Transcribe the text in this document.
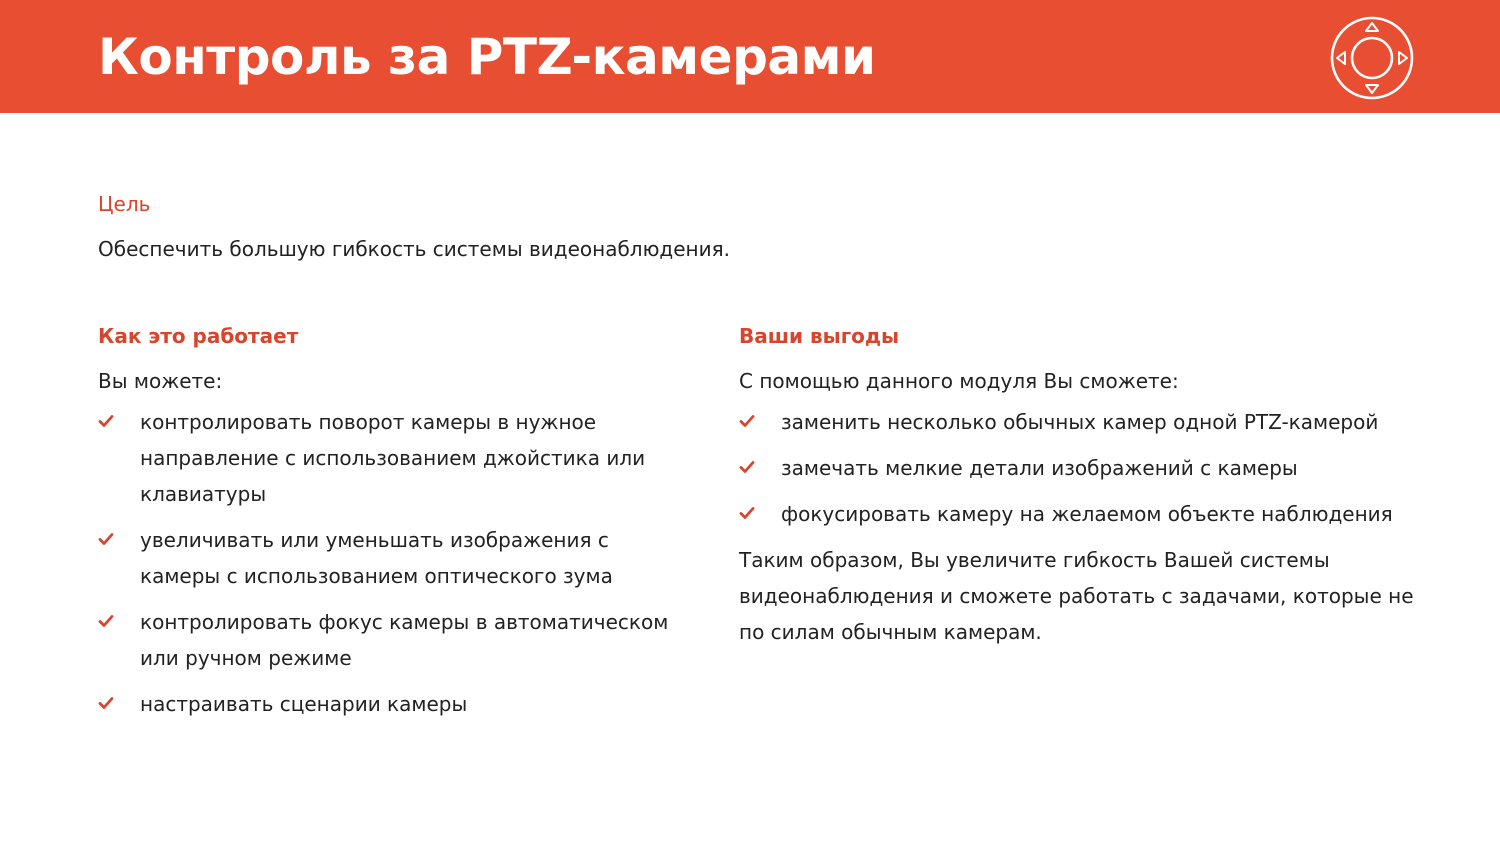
Контроль за PTZ-камерами

Цель

Обеспечить большую гибкость системы видеонаблюдения.

Как это работает

Вы можете:

контролировать поворот камеры в нужное направление с использованием джойстика или клавиатуры
увеличивать или уменьшать изображения с камеры с использованием оптического зума
контролировать фокус камеры в автоматическом или ручном режиме
настраивать сценарии камеры
Ваши выгоды

С помощью данного модуля Вы сможете:

заменить несколько обычных камер одной PTZ-камерой
замечать мелкие детали изображений с камеры
фокусировать камеру на желаемом объекте наблюдения

Таким образом, Вы увеличите гибкость Вашей системы видеонаблюдения и сможете работать с задачами, которые не по силам обычным камерам.
